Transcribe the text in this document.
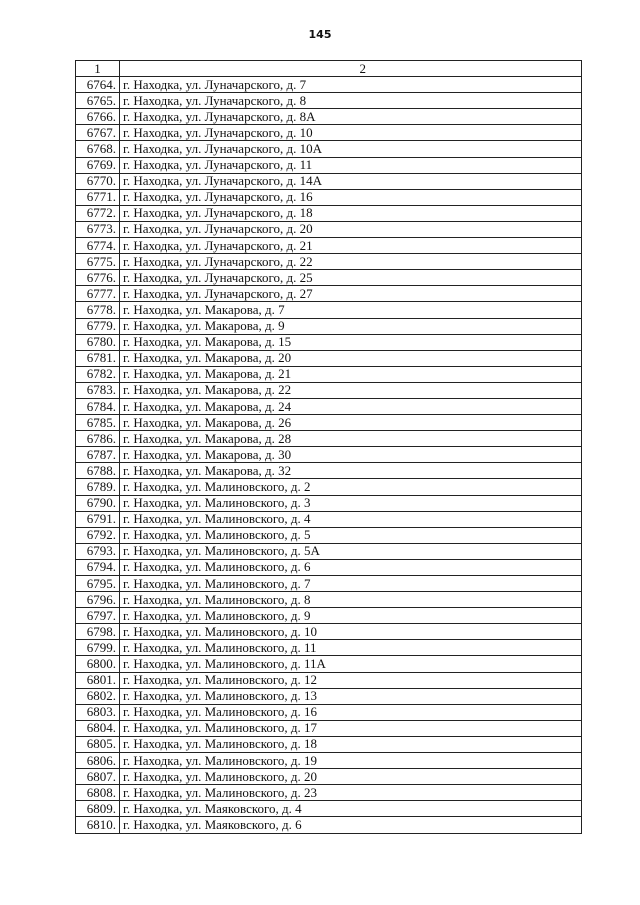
145
1	2
6764.	г. Находка, ул. Луначарского, д. 7
6765.	г. Находка, ул. Луначарского, д. 8
6766.	г. Находка, ул. Луначарского, д. 8А
6767.	г. Находка, ул. Луначарского, д. 10
6768.	г. Находка, ул. Луначарского, д. 10А
6769.	г. Находка, ул. Луначарского, д. 11
6770.	г. Находка, ул. Луначарского, д. 14А
6771.	г. Находка, ул. Луначарского, д. 16
6772.	г. Находка, ул. Луначарского, д. 18
6773.	г. Находка, ул. Луначарского, д. 20
6774.	г. Находка, ул. Луначарского, д. 21
6775.	г. Находка, ул. Луначарского, д. 22
6776.	г. Находка, ул. Луначарского, д. 25
6777.	г. Находка, ул. Луначарского, д. 27
6778.	г. Находка, ул. Макарова, д. 7
6779.	г. Находка, ул. Макарова, д. 9
6780.	г. Находка, ул. Макарова, д. 15
6781.	г. Находка, ул. Макарова, д. 20
6782.	г. Находка, ул. Макарова, д. 21
6783.	г. Находка, ул. Макарова, д. 22
6784.	г. Находка, ул. Макарова, д. 24
6785.	г. Находка, ул. Макарова, д. 26
6786.	г. Находка, ул. Макарова, д. 28
6787.	г. Находка, ул. Макарова, д. 30
6788.	г. Находка, ул. Макарова, д. 32
6789.	г. Находка, ул. Малиновского, д. 2
6790.	г. Находка, ул. Малиновского, д. 3
6791.	г. Находка, ул. Малиновского, д. 4
6792.	г. Находка, ул. Малиновского, д. 5
6793.	г. Находка, ул. Малиновского, д. 5А
6794.	г. Находка, ул. Малиновского, д. 6
6795.	г. Находка, ул. Малиновского, д. 7
6796.	г. Находка, ул. Малиновского, д. 8
6797.	г. Находка, ул. Малиновского, д. 9
6798.	г. Находка, ул. Малиновского, д. 10
6799.	г. Находка, ул. Малиновского, д. 11
6800.	г. Находка, ул. Малиновского, д. 11А
6801.	г. Находка, ул. Малиновского, д. 12
6802.	г. Находка, ул. Малиновского, д. 13
6803.	г. Находка, ул. Малиновского, д. 16
6804.	г. Находка, ул. Малиновского, д. 17
6805.	г. Находка, ул. Малиновского, д. 18
6806.	г. Находка, ул. Малиновского, д. 19
6807.	г. Находка, ул. Малиновского, д. 20
6808.	г. Находка, ул. Малиновского, д. 23
6809.	г. Находка, ул. Маяковского, д. 4
6810.	г. Находка, ул. Маяковского, д. 6
